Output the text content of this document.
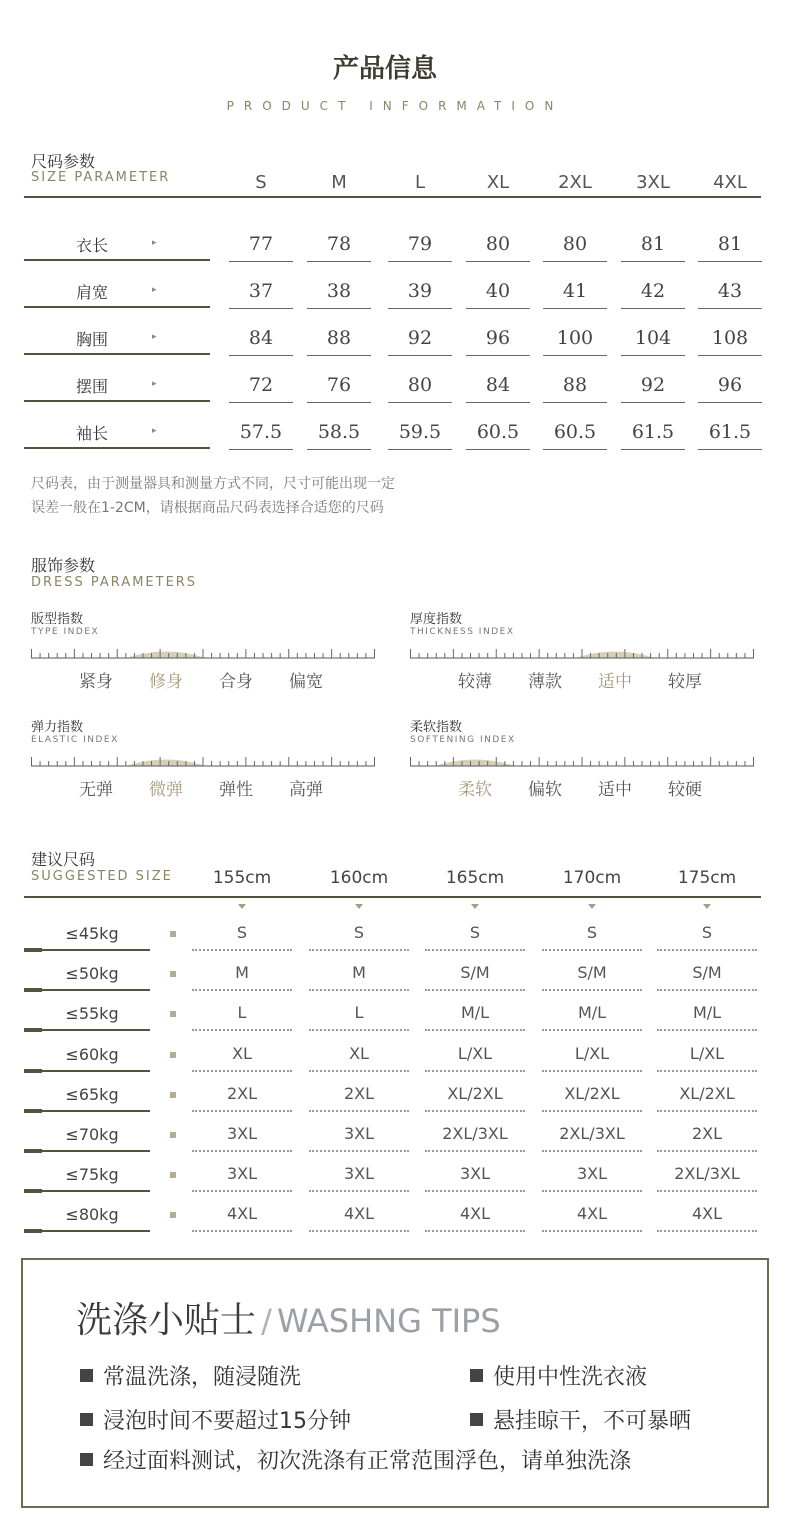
产品信息
PRODUCT INFORMATION
尺码参数
SIZE PARAMETER	S	M	L	XL	2XL	3XL	4XL
衣长	▸	77	78	79	80	80	81	81
肩宽	▸	37	38	39	40	41	42	43
胸围	▸	84	88	92	96	100	104	108
摆围	▸	72	76	80	84	88	92	96
袖长	▸	57.5	58.5	59.5	60.5	60.5	61.5	61.5
尺码表，由于测量器具和测量方式不同，尺寸可能出现一定
误差一般在1-2CM，请根据商品尺码表选择合适您的尺码
服饰参数
DRESS PARAMETERS
版型指数
TYPE INDEX
紧身	修身	合身	偏宽
厚度指数
THICKNESS INDEX
较薄	薄款	适中	较厚
弹力指数
ELASTIC INDEX
无弹	微弹	弹性	高弹
柔软指数
SOFTENING INDEX
柔软	偏软	适中	较硬
建议尺码
SUGGESTED SIZE	155cm	160cm	165cm	170cm	175cm
≤45kg	S	S	S	S	S
≤50kg	M	M	S/M	S/M	S/M
≤55kg	L	L	M/L	M/L	M/L
≤60kg	XL	XL	L/XL	L/XL	L/XL
≤65kg	2XL	2XL	XL/2XL	XL/2XL	XL/2XL
≤70kg	3XL	3XL	2XL/3XL	2XL/3XL	2XL
≤75kg	3XL	3XL	3XL	3XL	2XL/3XL
≤80kg	4XL	4XL	4XL	4XL	4XL
洗涤小贴士 / WASHNG TIPS
常温洗涤，随浸随洗	使用中性洗衣液
浸泡时间不要超过15分钟	悬挂晾干，不可暴晒
经过面料测试，初次洗涤有正常范围浮色，请单独洗涤
